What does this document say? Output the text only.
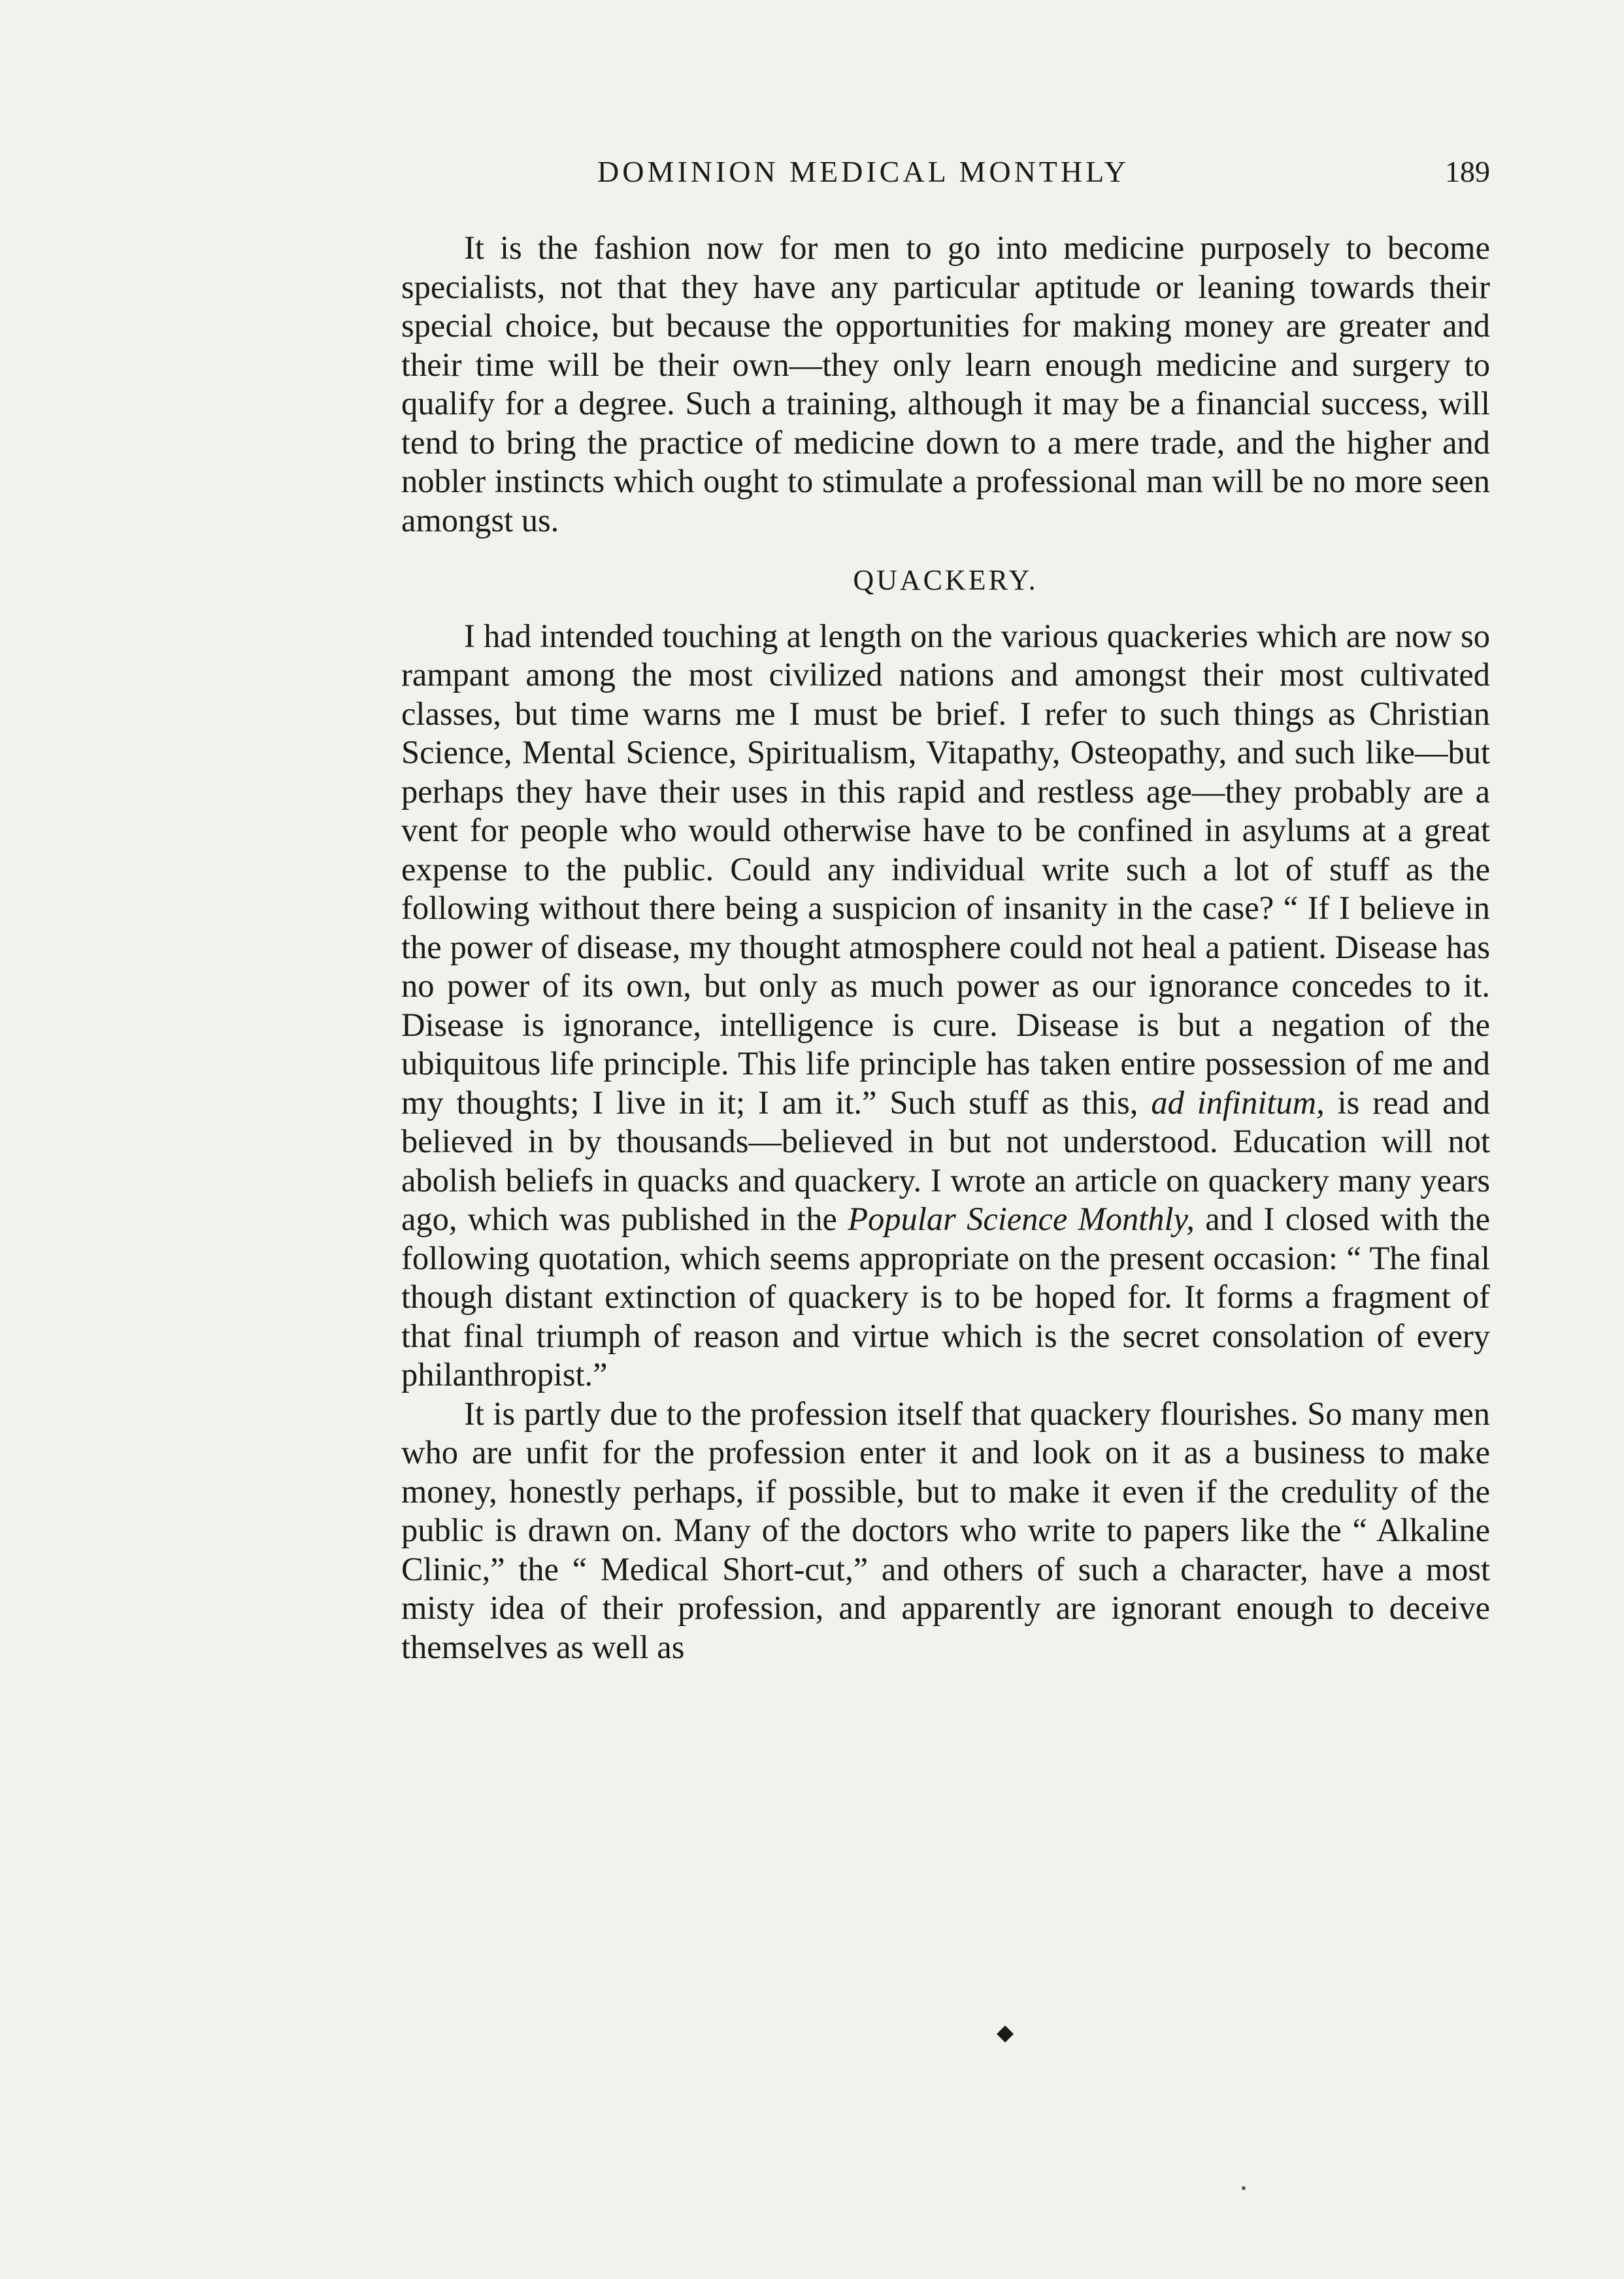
DOMINION MEDICAL MONTHLY	189

It is the fashion now for men to go into medicine purposely to become specialists, not that they have any particular aptitude or leaning towards their special choice, but because the opportunities for making money are greater and their time will be their own—they only learn enough medicine and surgery to qualify for a degree. Such a training, although it may be a financial success, will tend to bring the practice of medicine down to a mere trade, and the higher and nobler instincts which ought to stimulate a professional man will be no more seen amongst us.

QUACKERY.

I had intended touching at length on the various quackeries which are now so rampant among the most civilized nations and amongst their most cultivated classes, but time warns me I must be brief. I refer to such things as Christian Science, Mental Science, Spiritualism, Vitapathy, Osteopathy, and such like—but perhaps they have their uses in this rapid and restless age—they probably are a vent for people who would otherwise have to be confined in asylums at a great expense to the public. Could any individual write such a lot of stuff as the following without there being a suspicion of insanity in the case? “ If I believe in the power of disease, my thought atmosphere could not heal a patient. Disease has no power of its own, but only as much power as our ignorance concedes to it. Disease is ignorance, intelligence is cure. Disease is but a negation of the ubiquitous life principle. This life principle has taken entire possession of me and my thoughts; I live in it; I am it.” Such stuff as this, ad infinitum, is read and believed in by thousands—believed in but not understood. Education will not abolish beliefs in quacks and quackery. I wrote an article on quackery many years ago, which was published in the Popular Science Monthly, and I closed with the following quotation, which seems appropriate on the present occasion: “ The final though distant extinction of quackery is to be hoped for. It forms a fragment of that final triumph of reason and virtue which is the secret consolation of every philanthropist.”

It is partly due to the profession itself that quackery flourishes. So many men who are unfit for the profession enter it and look on it as a business to make money, honestly perhaps, if possible, but to make it even if the credulity of the public is drawn on. Many of the doctors who write to papers like the “ Alkaline Clinic,” the “ Medical Short-cut,” and others of such a character, have a most misty idea of their profession, and apparently are ignorant enough to deceive themselves as well as

◆
